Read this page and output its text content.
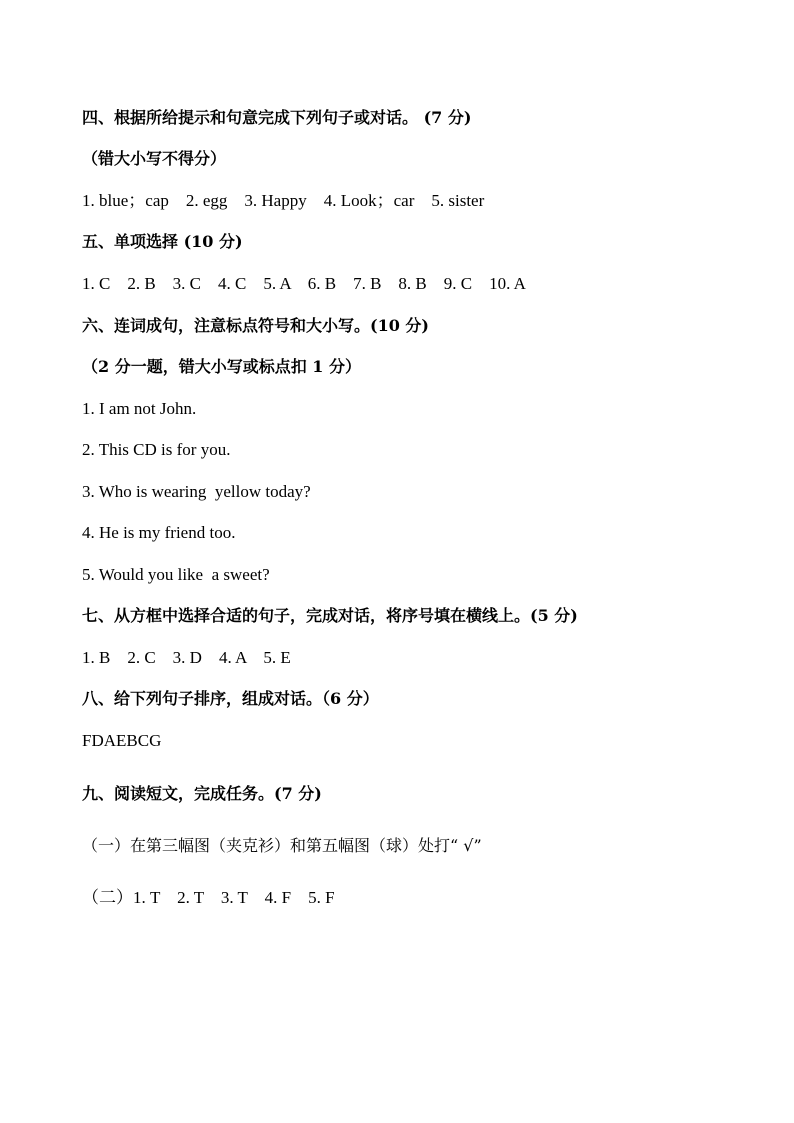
四、根据所给提示和句意完成下列句子或对话。 (7 分)
（错大小写不得分）
1. blue；cap    2. egg    3. Happy    4. Look；car    5. sister
五、单项选择 (10 分)
1. C    2. B    3. C    4. C    5. A    6. B    7. B    8. B    9. C    10. A
六、连词成句，注意标点符号和大小写。(10 分)
（2 分一题，错大小写或标点扣 1 分）
1. I am not John.
2. This CD is for you.
3. Who is wearing  yellow today?
4. He is my friend too.
5. Would you like  a sweet?
七、从方框中选择合适的句子，完成对话，将序号填在横线上。(5 分)
1. B    2. C    3. D    4. A    5. E
八、给下列句子排序，组成对话。（6 分）
FDAEBCG
九、阅读短文，完成任务。(7 分)
（一）在第三幅图（夹克衫）和第五幅图（球）处打“ √”
（二）1. T    2. T    3. T    4. F    5. F
